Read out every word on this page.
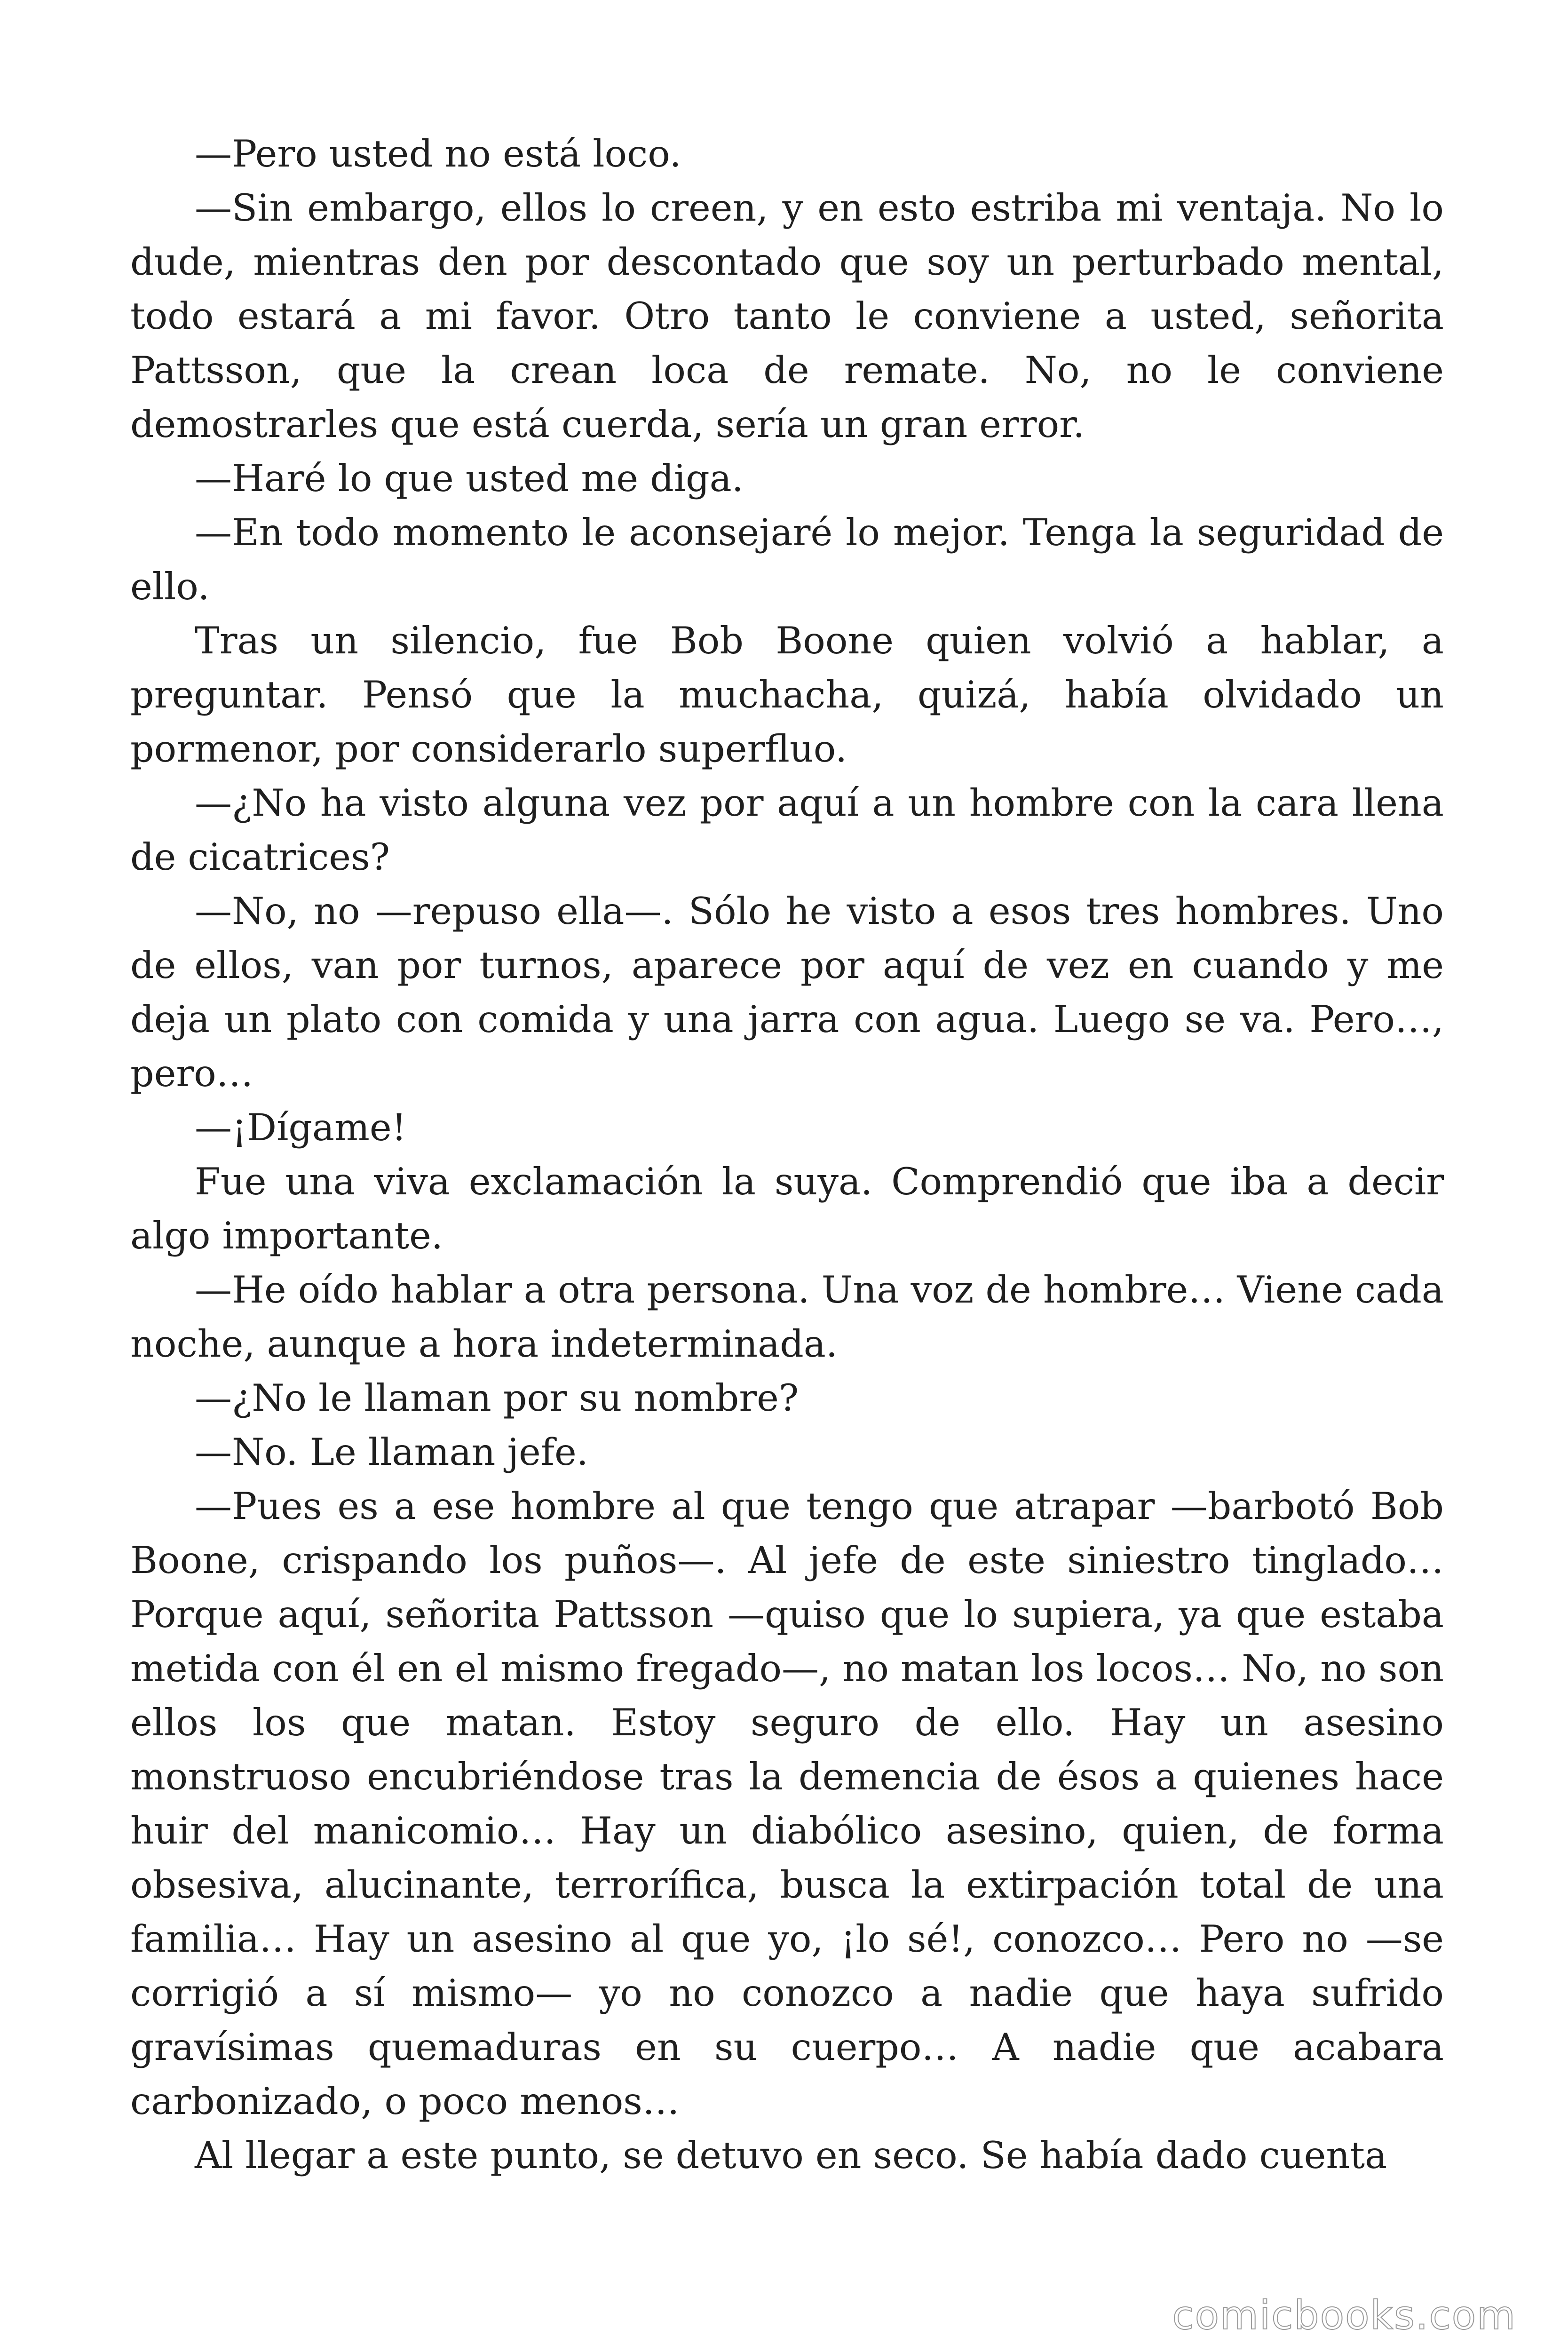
—Pero usted no está loco.

—Sin embargo, ellos lo creen, y en esto estriba mi ventaja. No lo dude, mientras den por descontado que soy un perturbado mental, todo estará a mi favor. Otro tanto le conviene a usted, señorita Pattsson, que la crean loca de remate. No, no le conviene demostrarles que está cuerda, sería un gran error.

—Haré lo que usted me diga.

—En todo momento le aconsejaré lo mejor. Tenga la seguridad de ello.

Tras un silencio, fue Bob Boone quien volvió a hablar, a preguntar. Pensó que la muchacha, quizá, había olvidado un pormenor, por considerarlo superfluo.

—¿No ha visto alguna vez por aquí a un hombre con la cara llena de cicatrices?

—No, no —repuso ella—. Sólo he visto a esos tres hombres. Uno de ellos, van por turnos, aparece por aquí de vez en cuando y me deja un plato con comida y una jarra con agua. Luego se va. Pero…, pero…

—¡Dígame!

Fue una viva exclamación la suya. Comprendió que iba a decir algo importante.

—He oído hablar a otra persona. Una voz de hombre… Viene cada noche, aunque a hora indeterminada.

—¿No le llaman por su nombre?

—No. Le llaman jefe.

—Pues es a ese hombre al que tengo que atrapar —barbotó Bob Boone, crispando los puños—. Al jefe de este siniestro tinglado… Porque aquí, señorita Pattsson —quiso que lo supiera, ya que estaba metida con él en el mismo fregado—, no matan los locos… No, no son ellos los que matan. Estoy seguro de ello. Hay un asesino monstruoso encubriéndose tras la demencia de ésos a quienes hace huir del manicomio… Hay un diabólico asesino, quien, de forma obsesiva, alucinante, terrorífica, busca la extirpación total de una familia… Hay un asesino al que yo, ¡lo sé!, conozco… Pero no —se corrigió a sí mismo— yo no conozco a nadie que haya sufrido gravísimas quemaduras en su cuerpo… A nadie que acabara carbonizado, o poco menos…

Al llegar a este punto, se detuvo en seco. Se había dado cuenta

comicbooks.com
